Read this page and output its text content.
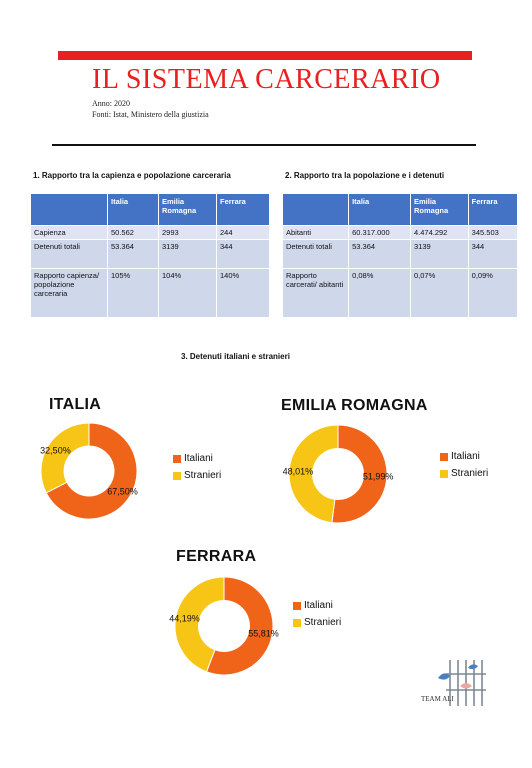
IL SISTEMA CARCERARIO
Anno: 2020
Fonti: Istat, Ministero della giustizia
1. Rapporto tra la capienza e popolazione carceraria
	Italia	Emilia Romagna	Ferrara
Capienza	50.562	2993	244
Detenuti totali	53.364	3139	344
Rapporto capienza/ popolazione carceraria	105%	104%	140%
2. Rapporto tra la popolazione e i detenuti
	Italia	Emilia Romagna	Ferrara
Abitanti	60.317.000	4.474.292	345.503
Detenuti totali	53.364	3139	344
Rapporto carcerati/ abitanti	0,08%	0,07%	0,09%
3. Detenuti italiani e stranieri
ITALIA
67,50%
32,50%
Italiani
Stranieri
EMILIA ROMAGNA
51,99%
48,01%
Italiani
Stranieri
FERRARA
55,81%
44,19%
Italiani
Stranieri
TEAM ALI
